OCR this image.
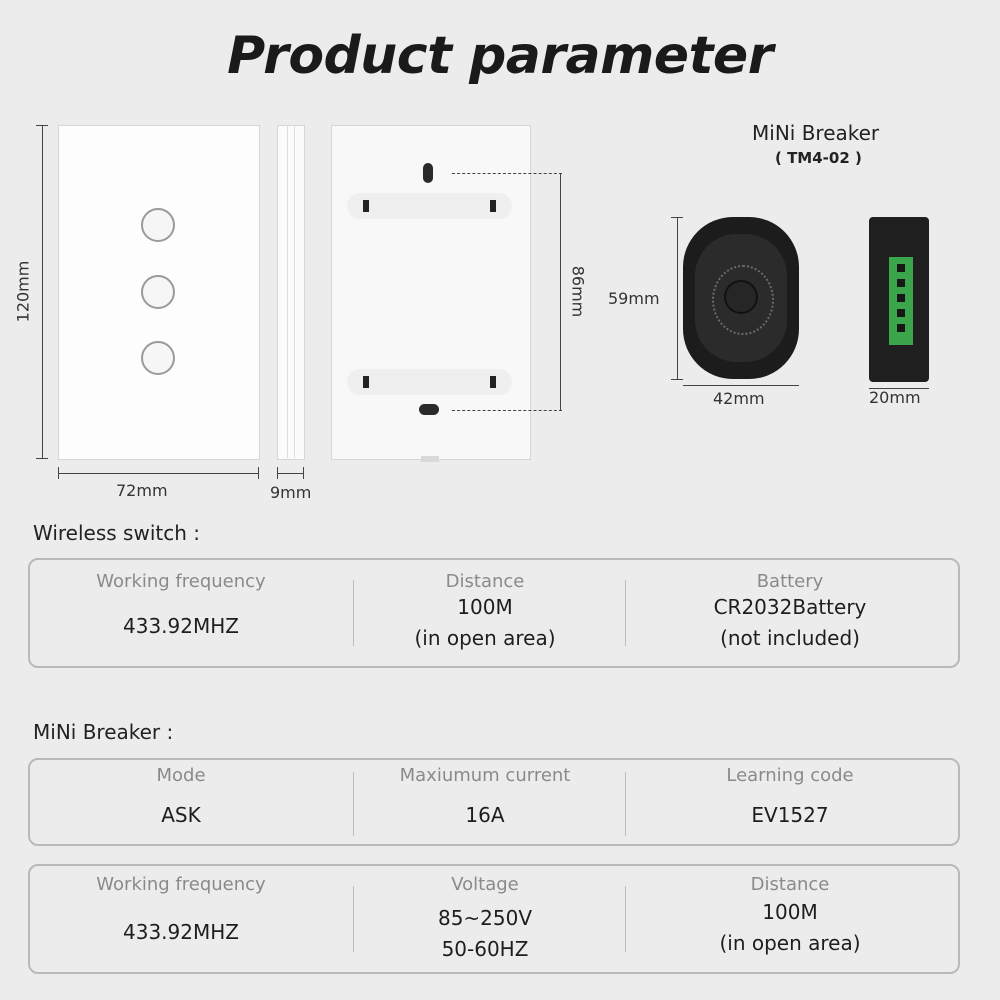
Product parameter
120mm
72mm	9mm
86mm
MiNi Breaker
( TM4-02 )
59mm
42mm	20mm
Wireless switch :
Working frequency
433.92MHZ
Distance
100M
(in open area)
Battery
CR2032Battery
(not included)
MiNi Breaker :
Mode
ASK
Maxiumum current
16A
Learning code
EV1527
Working frequency
433.92MHZ
Voltage
85~250V
50-60HZ
Distance
100M
(in open area)
